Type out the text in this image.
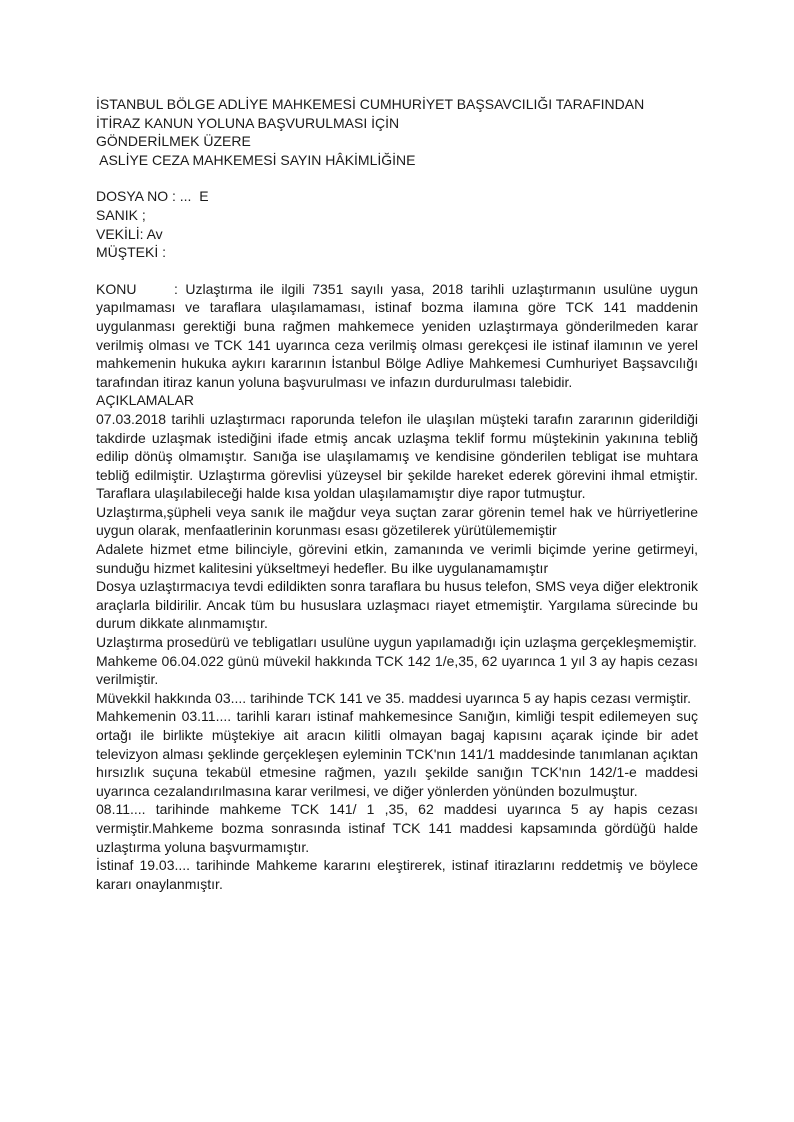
İSTANBUL BÖLGE ADLİYE MAHKEMESİ CUMHURİYET BAŞSAVCILIĞI TARAFINDAN
İTİRAZ KANUN YOLUNA BAŞVURULMASI İÇİN
GÖNDERİLMEK ÜZERE
ASLİYE CEZA MAHKEMESİ SAYIN HÂKİMLİĞİNE
DOSYA NO : ...  E
SANIK ;
VEKİLİ: Av
MÜŞTEKİ :

KONU	: Uzlaştırma ile ilgili 7351 sayılı yasa, 2018 tarihli uzlaştırmanın usulüne uygun yapılmaması ve taraflara ulaşılamaması, istinaf bozma ilamına göre TCK 141 maddenin uygulanması gerektiği buna rağmen mahkemece yeniden uzlaştırmaya gönderilmeden karar verilmiş olması ve TCK 141 uyarınca ceza verilmiş olması gerekçesi ile istinaf ilamının ve yerel mahkemenin hukuka aykırı kararının İstanbul Bölge Adliye Mahkemesi Cumhuriyet Başsavcılığı tarafından itiraz kanun yoluna başvurulması ve infazın durdurulması talebidir.

AÇIKLAMALAR

07.03.2018 tarihli uzlaştırmacı raporunda telefon ile ulaşılan müşteki tarafın zararının giderildiği takdirde uzlaşmak istediğini ifade etmiş ancak uzlaşma teklif formu müştekinin yakınına tebliğ edilip dönüş olmamıştır. Sanığa ise ulaşılamamış ve kendisine gönderilen tebligat ise muhtara tebliğ edilmiştir. Uzlaştırma görevlisi yüzeysel bir şekilde hareket ederek görevini ihmal etmiştir. Taraflara ulaşılabileceği halde kısa yoldan ulaşılamamıştır diye rapor tutmuştur.

Uzlaştırma,şüpheli veya sanık ile mağdur veya suçtan zarar görenin temel hak ve hürriyetlerine uygun olarak, menfaatlerinin korunması esası gözetilerek yürütülememiştir

Adalete hizmet etme bilinciyle, görevini etkin, zamanında ve verimli biçimde yerine getirmeyi, sunduğu hizmet kalitesini yükseltmeyi hedefler. Bu ilke uygulanamamıştır

Dosya uzlaştırmacıya tevdi edildikten sonra taraflara bu husus telefon, SMS veya diğer elektronik araçlarla bildirilir. Ancak tüm bu hususlara uzlaşmacı riayet etmemiştir. Yargılama sürecinde bu durum dikkate alınmamıştır.

Uzlaştırma prosedürü ve tebligatları usulüne uygun yapılamadığı için uzlaşma gerçekleşmemiştir.

Mahkeme 06.04.022 günü müvekil hakkında TCK 142 1/e,35, 62 uyarınca 1 yıl 3 ay hapis cezası verilmiştir.

Müvekkil hakkında 03.... tarihinde TCK 141 ve 35. maddesi uyarınca 5 ay hapis cezası vermiştir.

Mahkemenin 03.11.... tarihli kararı istinaf mahkemesince Sanığın, kimliği tespit edilemeyen suç ortağı ile birlikte müştekiye ait aracın kilitli olmayan bagaj kapısını açarak içinde bir adet televizyon alması şeklinde gerçekleşen eyleminin TCK'nın 141/1 maddesinde tanımlanan açıktan hırsızlık suçuna tekabül etmesine rağmen, yazılı şekilde sanığın TCK'nın 142/1-e maddesi uyarınca cezalandırılmasına karar verilmesi, ve diğer yönlerden yönünden bozulmuştur.

08.11.... tarihinde mahkeme TCK 141/ 1 ,35, 62 maddesi uyarınca 5 ay hapis cezası vermiştir.Mahkeme bozma sonrasında istinaf TCK 141 maddesi kapsamında gördüğü halde uzlaştırma yoluna başvurmamıştır.

İstinaf 19.03.... tarihinde Mahkeme kararını eleştirerek, istinaf itirazlarını reddetmiş ve böylece kararı onaylanmıştır.
